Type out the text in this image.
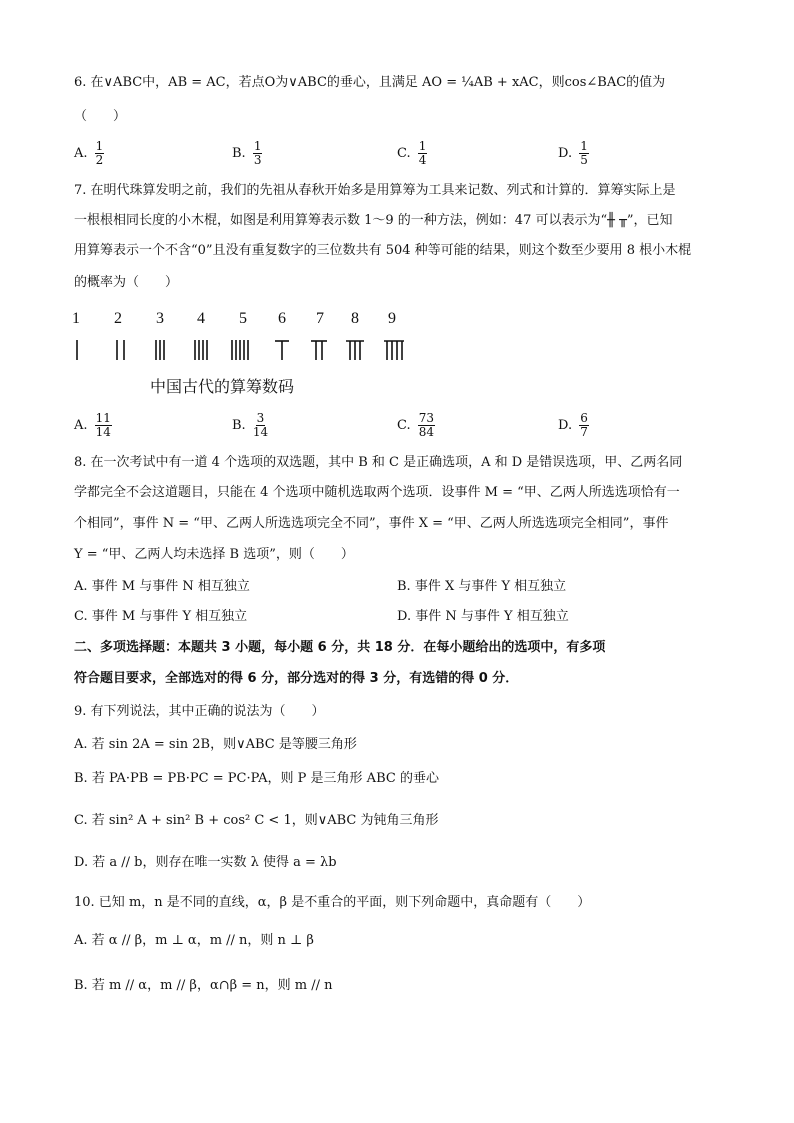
6. 在∨ABC中，AB = AC，若点O为∨ABC的垂心，且满足 AO = ¼AB + xAC，则cos∠BAC的值为
（　　）
A. $\frac{1}{2}$	B. $\frac{1}{3}$	C. $\frac{1}{4}$	D. $\frac{1}{5}$
7. 在明代珠算发明之前，我们的先祖从春秋开始多是用算筹为工具来记数、列式和计算的．算筹实际上是
一根根相同长度的小木棍，如图是利用算筹表示数 1～9 的一种方法，例如：47 可以表示为“╫ ╥”，已知
用算筹表示一个不含“0”且没有重复数字的三位数共有 504 种等可能的结果，则这个数至少要用 8 根小木棍
的概率为（　　）
1 2 3 4 5 6 7 8 9
中国古代的算筹数码
A. $\frac{11}{14}$	B. $\frac{3}{14}$	C. $\frac{73}{84}$	D. $\frac{6}{7}$
8. 在一次考试中有一道 4 个选项的双选题，其中 B 和 C 是正确选项，A 和 D 是错误选项，甲、乙两名同
学都完全不会这道题目，只能在 4 个选项中随机选取两个选项．设事件 M = “甲、乙两人所选选项恰有一
个相同”，事件 N = “甲、乙两人所选选项完全不同”，事件 X = “甲、乙两人所选选项完全相同”，事件
Y = “甲、乙两人均未选择 B 选项”，则（　　）
A. 事件 M 与事件 N 相互独立	B. 事件 X 与事件 Y 相互独立
C. 事件 M 与事件 Y 相互独立	D. 事件 N 与事件 Y 相互独立
二、多项选择题：本题共 3 小题，每小题 6 分，共 18 分．在每小题给出的选项中，有多项
符合题目要求，全部选对的得 6 分，部分选对的得 3 分，有选错的得 0 分．
9. 有下列说法，其中正确的说法为（　　）
A. 若 sin 2A = sin 2B，则∨ABC 是等腰三角形
B. 若 PA·PB = PB·PC = PC·PA，则 P 是三角形 ABC 的垂心
C. 若 sin² A + sin² B + cos² C < 1，则∨ABC 为钝角三角形
D. 若 a // b，则存在唯一实数 λ 使得 a = λb
10. 已知 m，n 是不同的直线，α，β 是不重合的平面，则下列命题中，真命题有（　　）
A. 若 α // β，m ⊥ α，m // n，则 n ⊥ β
B. 若 m // α，m // β，α∩β = n，则 m // n
